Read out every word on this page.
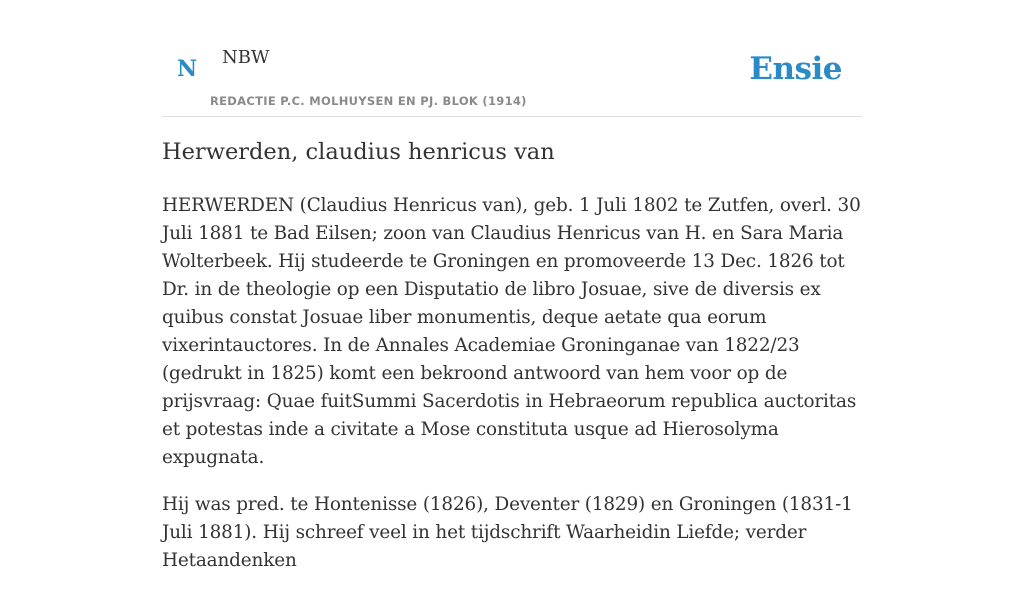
N NBW
REDACTIE P.C. MOLHUYSEN EN PJ. BLOK (1914)
Ensie
Herwerden, claudius henricus van

HERWERDEN (Claudius Henricus van), geb. 1 Juli 1802 te Zutfen, overl. 30 Juli 1881 te Bad Eilsen; zoon van Claudius Henricus van H. en Sara Maria Wolterbeek. Hij studeerde te Groningen en promoveerde 13 Dec. 1826 tot Dr. in de theologie op een Disputatio de libro Josuae, sive de diversis ex quibus constat Josuae liber monumentis, deque aetate qua eorum vixerintauctores. In de Annales Academiae Groninganae van 1822/23 (gedrukt in 1825) komt een bekroond antwoord van hem voor op de prijsvraag: Quae fuitSummi Sacerdotis in Hebraeorum republica auctoritas et potestas inde a civitate a Mose constituta usque ad Hierosolyma expugnata.

Hij was pred. te Hontenisse (1826), Deventer (1829) en Groningen (1831-1 Juli 1881). Hij schreef veel in het tijdschrift Waarheidin Liefde; verder Hetaandenken
